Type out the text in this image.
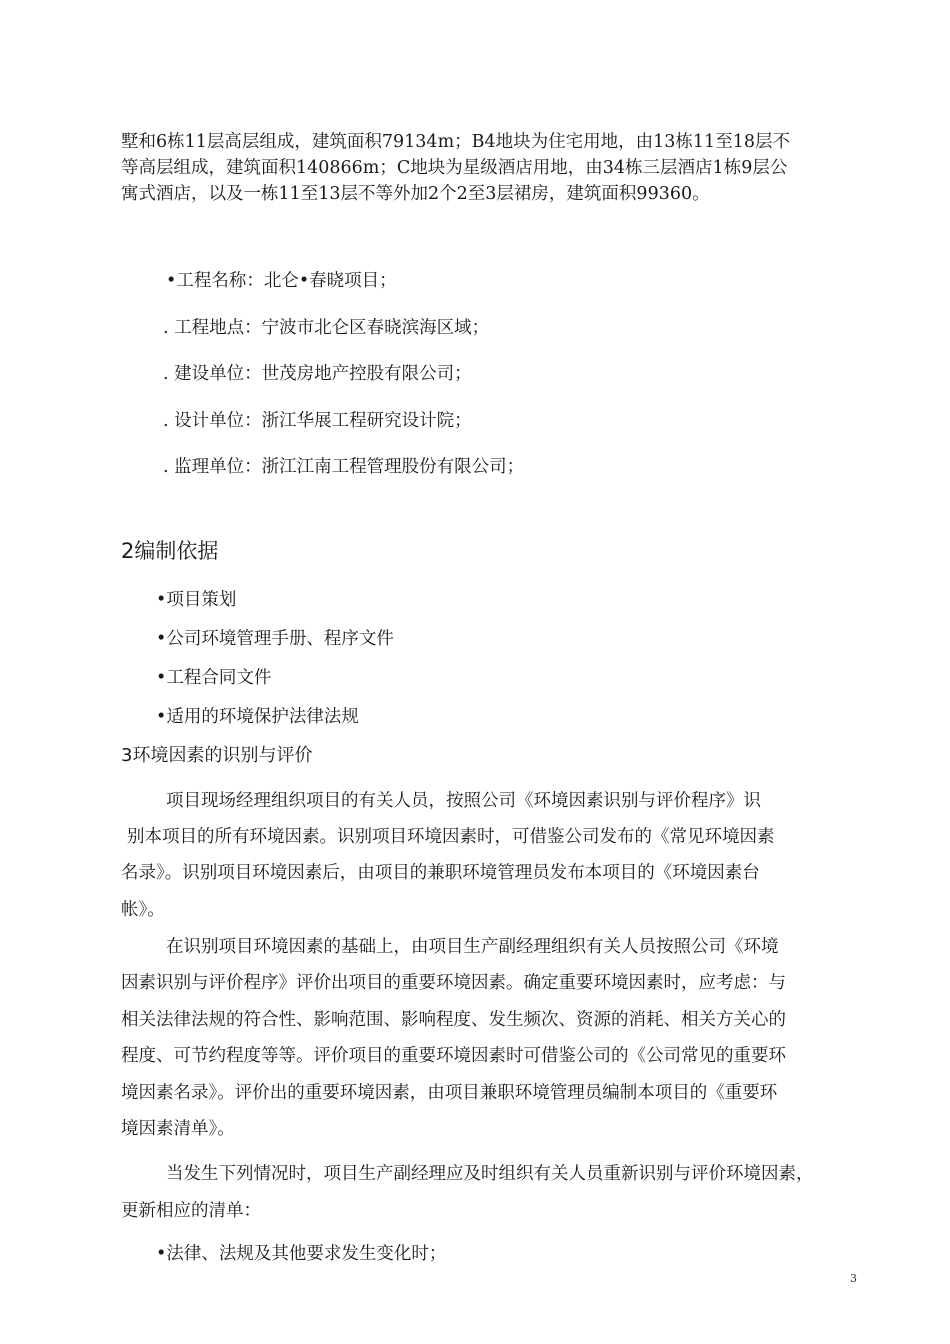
墅和6栋11层高层组成，建筑面积79134m；B4地块为住宅用地，由13栋11至18层不
等高层组成，建筑面积140866m；C地块为星级酒店用地，由34栋三层酒店1栋9层公
寓式酒店，以及一栋11至13层不等外加2个2至3层裙房，建筑面积99360。
•工程名称：北仑•春晓项目；
. 工程地点：宁波市北仑区春晓滨海区域；
. 建设单位：世茂房地产控股有限公司；
. 设计单位：浙江华展工程研究设计院；
. 监理单位：浙江江南工程管理股份有限公司；
2编制依据
•项目策划
•公司环境管理手册、程序文件
•工程合同文件
•适用的环境保护法律法规
3环境因素的识别与评价
项目现场经理组织项目的有关人员，按照公司《环境因素识别与评价程序》识
别本项目的所有环境因素。识别项目环境因素时，可借鉴公司发布的《常见环境因素
名录》。识别项目环境因素后，由项目的兼职环境管理员发布本项目的《环境因素台
帐》。
在识别项目环境因素的基础上，由项目生产副经理组织有关人员按照公司《环境
因素识别与评价程序》评价出项目的重要环境因素。确定重要环境因素时，应考虑：与
相关法律法规的符合性、影响范围、影响程度、发生频次、资源的消耗、相关方关心的
程度、可节约程度等等。评价项目的重要环境因素时可借鉴公司的《公司常见的重要环
境因素名录》。评价出的重要环境因素，由项目兼职环境管理员编制本项目的《重要环
境因素清单》。
当发生下列情况时，项目生产副经理应及时组织有关人员重新识别与评价环境因素，
更新相应的清单：
•法律、法规及其他要求发生变化时；
3
